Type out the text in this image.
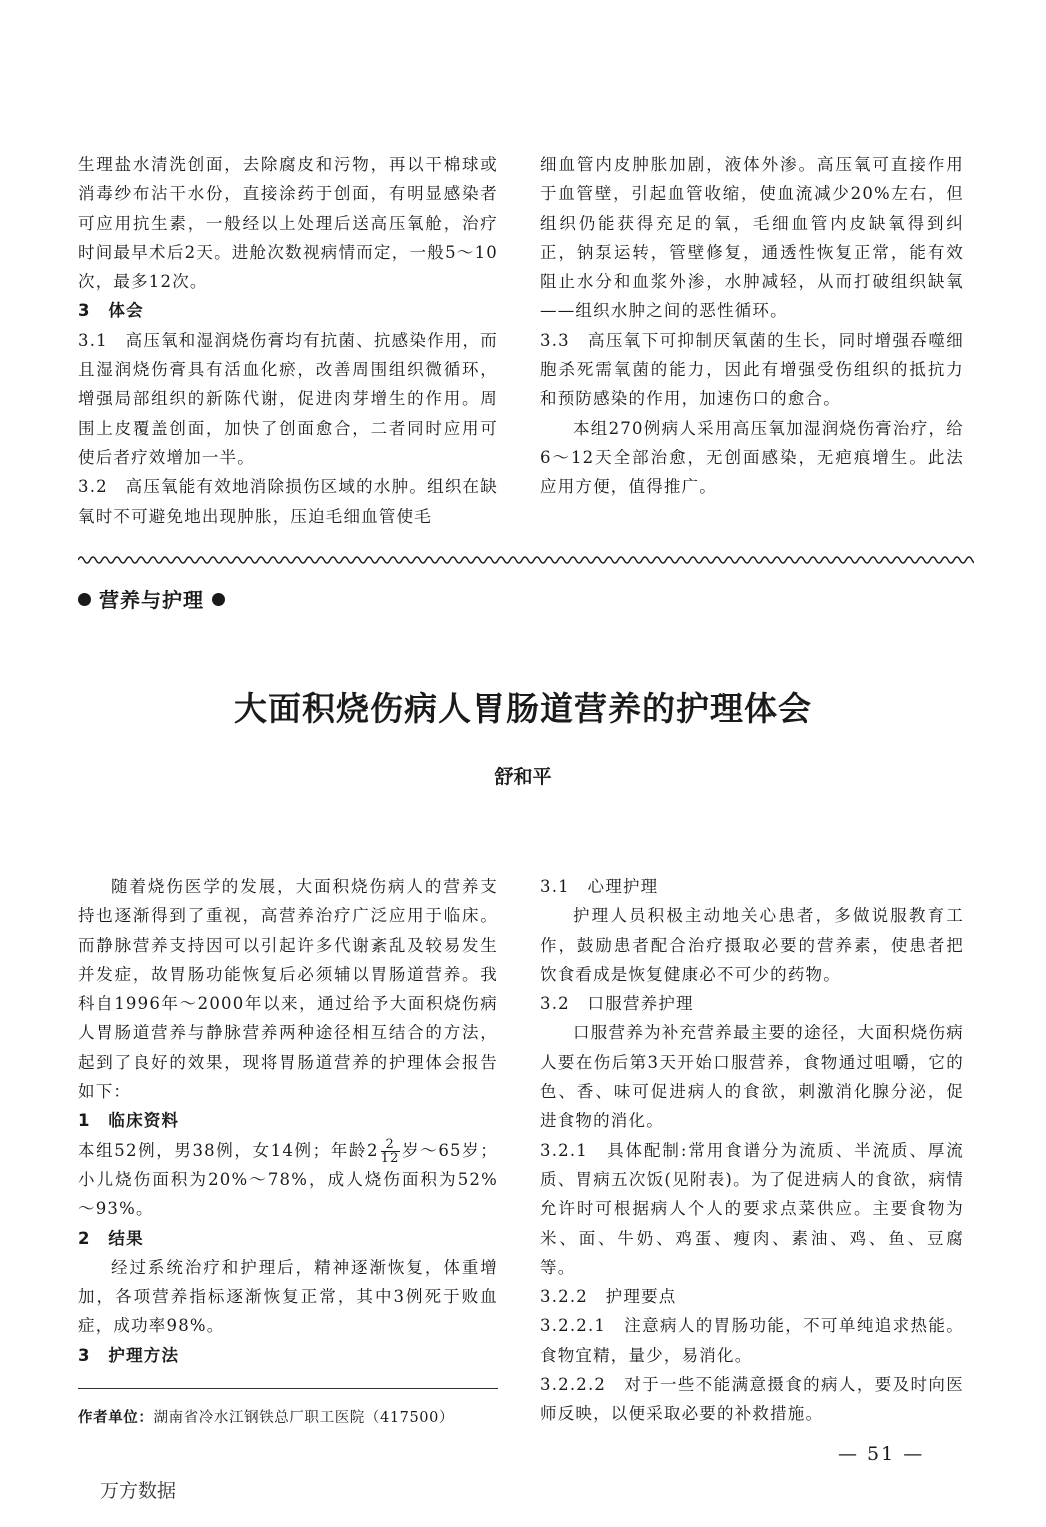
生理盐水清洗创面，去除腐皮和污物，再以干棉球或消毒纱布沾干水份，直接涂药于创面，有明显感染者可应用抗生素，一般经以上处理后送高压氧舱，治疗时间最早术后2天。进舱次数视病情而定，一般5～10次，最多12次。

3　体会

3.1　高压氧和湿润烧伤膏均有抗菌、抗感染作用，而且湿润烧伤膏具有活血化瘀，改善周围组织微循环，增强局部组织的新陈代谢，促进肉芽增生的作用。周围上皮覆盖创面，加快了创面愈合，二者同时应用可使后者疗效增加一半。

3.2　高压氧能有效地消除损伤区域的水肿。组织在缺氧时不可避免地出现肿胀，压迫毛细血管使毛

细血管内皮肿胀加剧，液体外渗。高压氧可直接作用于血管壁，引起血管收缩，使血流减少20%左右，但组织仍能获得充足的氧，毛细血管内皮缺氧得到纠正，钠泵运转，管壁修复，通透性恢复正常，能有效阻止水分和血浆外渗，水肿减轻，从而打破组织缺氧——组织水肿之间的恶性循环。

3.3　高压氧下可抑制厌氧菌的生长，同时增强吞噬细胞杀死需氧菌的能力，因此有增强受伤组织的抵抗力和预防感染的作用，加速伤口的愈合。

本组270例病人采用高压氧加湿润烧伤膏治疗，给6～12天全部治愈，无创面感染，无疤痕增生。此法应用方便，值得推广。

营养与护理
大面积烧伤病人胃肠道营养的护理体会
舒和平

随着烧伤医学的发展，大面积烧伤病人的营养支持也逐渐得到了重视，高营养治疗广泛应用于临床。而静脉营养支持因可以引起许多代谢紊乱及较易发生并发症，故胃肠功能恢复后必须辅以胃肠道营养。我科自1996年～2000年以来，通过给予大面积烧伤病人胃肠道营养与静脉营养两种途径相互结合的方法，起到了良好的效果，现将胃肠道营养的护理体会报告如下：

1　临床资料

本组52例，男38例，女14例；年龄$2 \frac{2}{12}$ 岁～65岁；小儿烧伤面积为20%～78%，成人烧伤面积为52%～93%。

2　结果

经过系统治疗和护理后，精神逐渐恢复，体重增加，各项营养指标逐渐恢复正常，其中3例死于败血症，成功率98%。

3　护理方法

3.1　心理护理

护理人员积极主动地关心患者，多做说服教育工作，鼓励患者配合治疗摄取必要的营养素，使患者把饮食看成是恢复健康必不可少的药物。

3.2　口服营养护理

口服营养为补充营养最主要的途径，大面积烧伤病人要在伤后第3天开始口服营养，食物通过咀嚼，它的色、香、味可促进病人的食欲，刺激消化腺分泌，促进食物的消化。

3.2.1　具体配制:常用食谱分为流质、半流质、厚流质、胃病五次饭(见附表)。为了促进病人的食欲，病情允许时可根据病人个人的要求点菜供应。主要食物为米、面、牛奶、鸡蛋、瘦肉、素油、鸡、鱼、豆腐等。

3.2.2　护理要点

3.2.2.1　注意病人的胃肠功能，不可单纯追求热能。食物宜精，量少，易消化。

3.2.2.2　对于一些不能满意摄食的病人，要及时向医师反映，以便采取必要的补救措施。

作者单位：湖南省冷水江钢铁总厂职工医院（417500）
— 51 —
万方数据
